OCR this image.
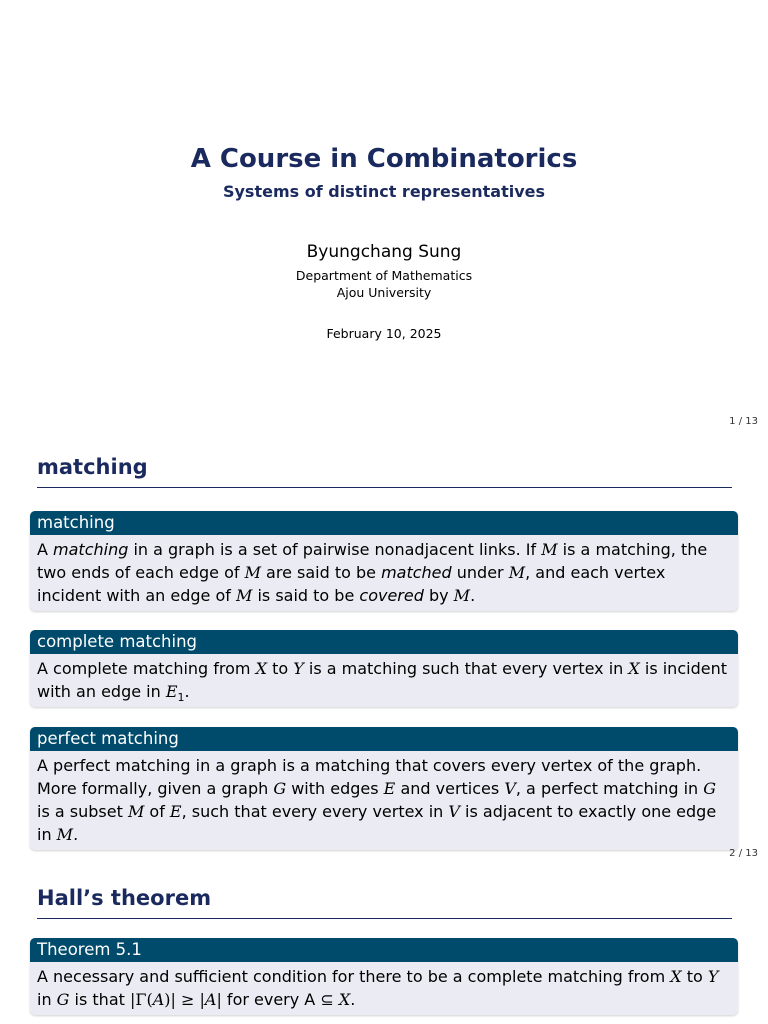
A Course in Combinatorics
Systems of distinct representatives
Byungchang Sung
Department of Mathematics
Ajou University
February 10, 2025
1 / 13
matching
matching
A matching in a graph is a set of pairwise nonadjacent links. If M is a matching, the two ends of each edge of M are said to be matched under M, and each vertex incident with an edge of M is said to be covered by M.
complete matching
A complete matching from X to Y is a matching such that every vertex in X is incident with an edge in $E_1$.
perfect matching
A perfect matching in a graph is a matching that covers every vertex of the graph. More formally, given a graph G with edges E and vertices V, a perfect matching in G is a subset M of E, such that every every vertex in V is adjacent to exactly one edge in M.
2 / 13
Hall’s theorem
Theorem 5.1
A necessary and sufficient condition for there to be a complete matching from X to Y in G is that |Γ(A)| ≥ |A| for every A ⊆ X.
